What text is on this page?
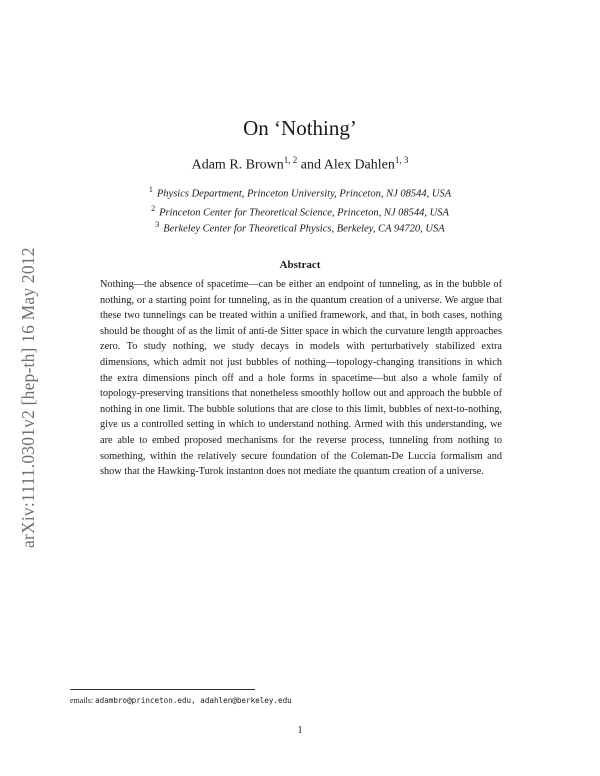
arXiv:1111.0301v2 [hep-th] 16 May 2012
On ‘Nothing’
Adam R. Brown$^{1, 2}$ and Alex Dahlen$^{1, 3}$
$^1$ Physics Department, Princeton University, Princeton, NJ 08544, USA
$^2$ Princeton Center for Theoretical Science, Princeton, NJ 08544, USA
$^3$ Berkeley Center for Theoretical Physics, Berkeley, CA 94720, USA
Abstract

Nothing—the absence of spacetime—can be either an endpoint of tunneling, as in the bubble of nothing, or a starting point for tunneling, as in the quantum creation of a universe. We argue that these two tunnelings can be treated within a unified framework, and that, in both cases, nothing should be thought of as the limit of anti-de Sitter space in which the curvature length approaches zero. To study nothing, we study decays in models with perturbatively stabilized extra dimensions, which admit not just bubbles of nothing—topology-changing transitions in which the extra dimensions pinch off and a hole forms in spacetime—but also a whole family of topology-preserving transitions that nonetheless smoothly hollow out and approach the bubble of nothing in one limit. The bubble solutions that are close to this limit, bubbles of next-to-nothing, give us a controlled setting in which to understand nothing. Armed with this understanding, we are able to embed proposed mechanisms for the reverse process, tunneling from nothing to something, within the relatively secure foundation of the Coleman-De Luccia formalism and show that the Hawking-Turok instanton does not mediate the quantum creation of a universe.

emails: adambro@princeton.edu, adahlen@berkeley.edu
1
